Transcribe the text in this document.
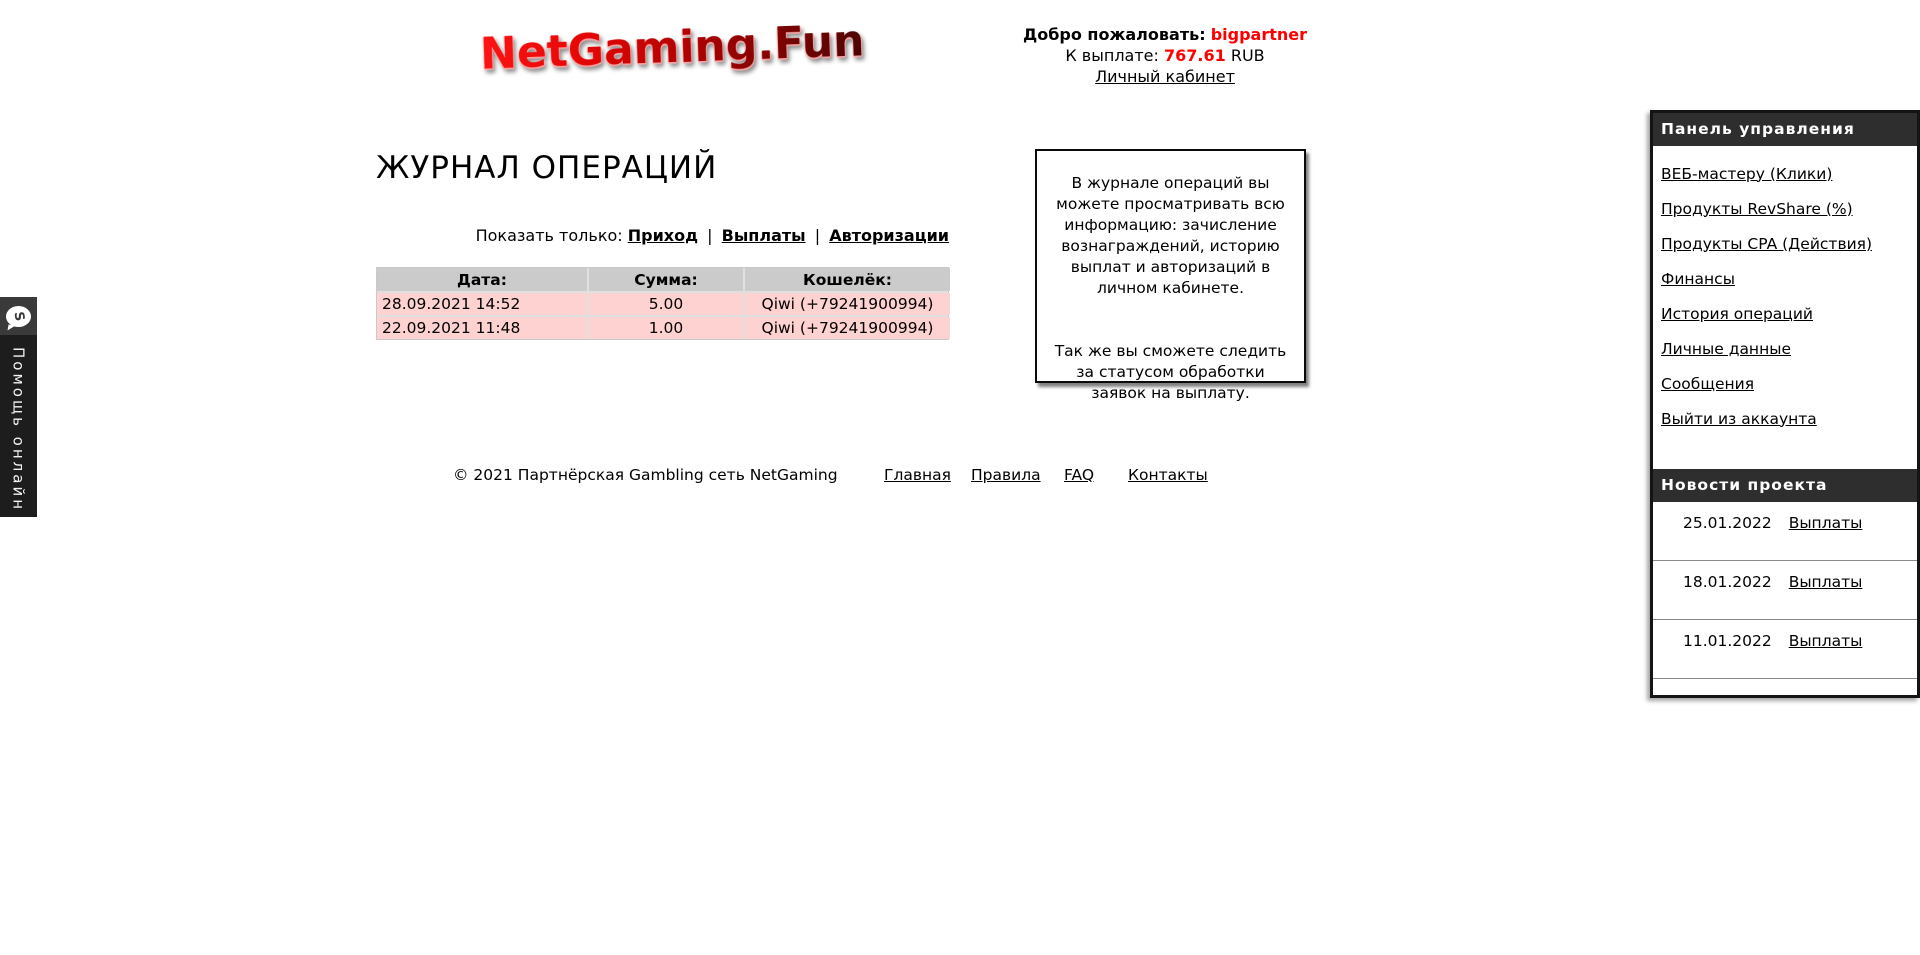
S
Помощь онлайн
NetGaming.Fun	Добро пожаловать: bigpartner
К выплате: 767.61 RUB
Личный кабинет
ЖУРНАЛ ОПЕРАЦИЙ
Показать только: Приход | Выплаты | Авторизации
Дата:	Сумма:	Кошелёк:
28.09.2021 14:52	5.00	Qiwi (+79241900994)
22.09.2021 11:48	1.00	Qiwi (+79241900994)

В журнале операций вы можете просматривать всю информацию: зачисление вознаграждений, историю выплат и авторизаций в личном кабинете.

Так же вы сможете следить за статусом обработки заявок на выплату.

© 2021 Партнёрская Gambling сеть NetGaming	Главная Правила FAQ Контакты
Панель управления
ВЕБ-мастеру (Клики)
Продукты RevShare (%)
Продукты CPA (Действия)
Финансы
История операций
Личные данные
Сообщения
Выйти из аккаунта
Новости проекта
25.01.2022 Выплаты
18.01.2022 Выплаты
11.01.2022 Выплаты
